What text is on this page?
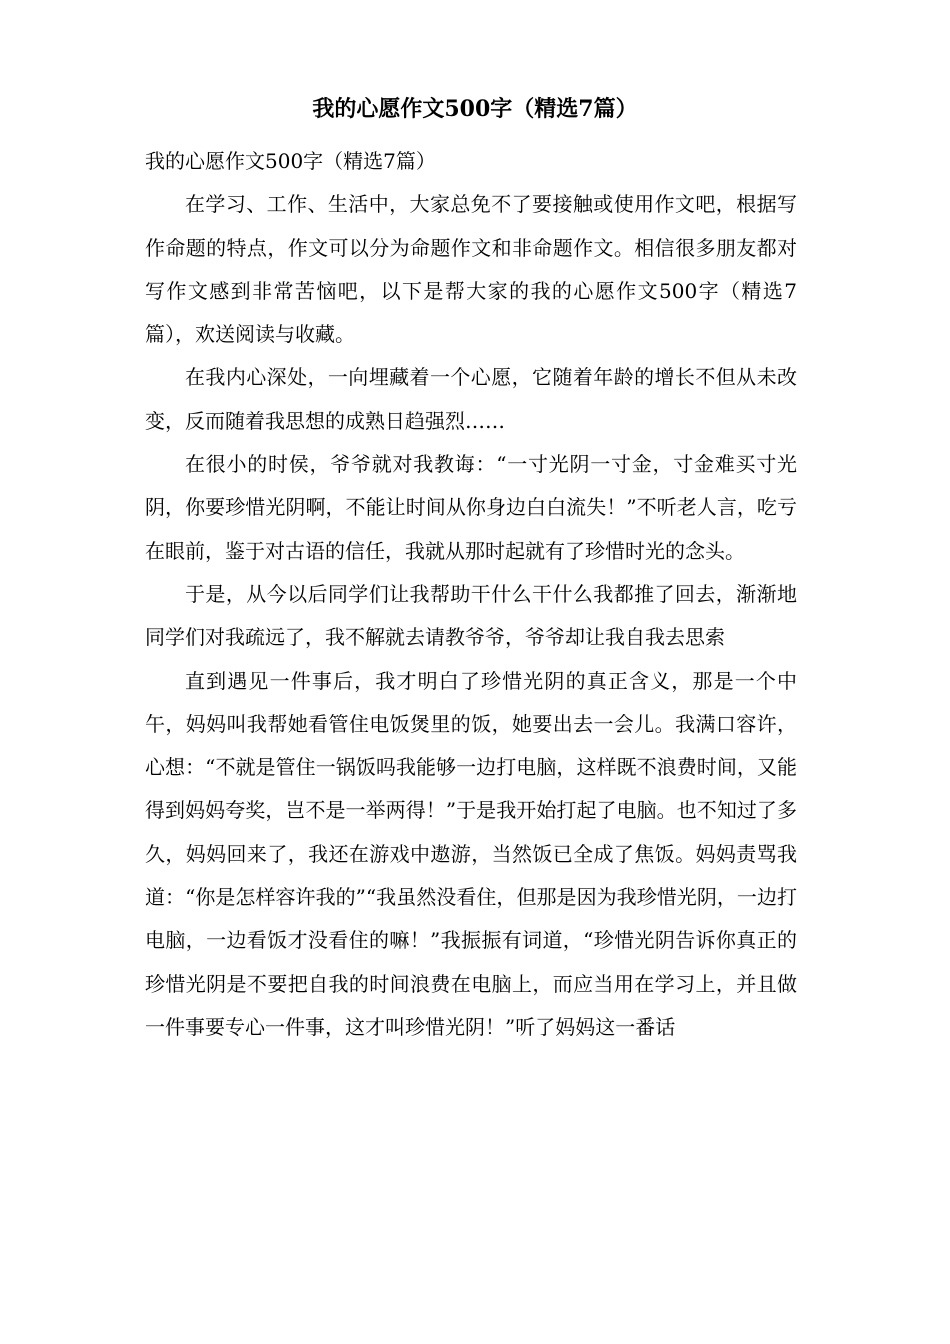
我的心愿作文500字（精选7篇）

我的心愿作文500字（精选7篇）

在学习、工作、生活中，大家总免不了要接触或使用作文吧，根据写作命题的特点，作文可以分为命题作文和非命题作文。相信很多朋友都对写作文感到非常苦恼吧，以下是帮大家的我的心愿作文500字（精选7篇），欢送阅读与收藏。

在我内心深处，一向埋藏着一个心愿，它随着年龄的增长不但从未改变，反而随着我思想的成熟日趋强烈……

在很小的时侯，爷爷就对我教诲：“一寸光阴一寸金，寸金难买寸光阴，你要珍惜光阴啊，不能让时间从你身边白白流失！”不听老人言，吃亏在眼前，鉴于对古语的信任，我就从那时起就有了珍惜时光的念头。

于是，从今以后同学们让我帮助干什么干什么我都推了回去，渐渐地同学们对我疏远了，我不解就去请教爷爷，爷爷却让我自我去思索

直到遇见一件事后，我才明白了珍惜光阴的真正含义，那是一个中午，妈妈叫我帮她看管住电饭煲里的饭，她要出去一会儿。我满口容许，心想：“不就是管住一锅饭吗我能够一边打电脑，这样既不浪费时间，又能得到妈妈夸奖，岂不是一举两得！”于是我开始打起了电脑。也不知过了多久，妈妈回来了，我还在游戏中遨游，当然饭已全成了焦饭。妈妈责骂我道：“你是怎样容许我的”“我虽然没看住，但那是因为我珍惜光阴，一边打电脑，一边看饭才没看住的嘛！”我振振有词道，“珍惜光阴告诉你真正的珍惜光阴是不要把自我的时间浪费在电脑上，而应当用在学习上，并且做一件事要专心一件事，这才叫珍惜光阴！”听了妈妈这一番话
